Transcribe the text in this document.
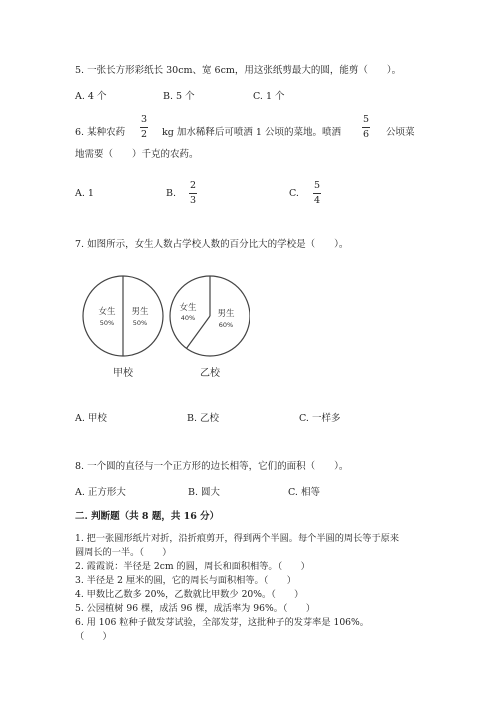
5. 一张长方形彩纸长 30cm、宽 6cm，用这张纸剪最大的圆，能剪（　　）。
A. 4 个	B. 5 个	C. 1 个
6. 某种农药
3
2 kg 加水稀释后可喷洒 1 公顷的菜地。喷洒
5
6 公顷菜
地需要（　　）千克的农药。
A. 1	B.
2
3
C.
5
4
7. 如图所示，女生人数占学校人数的百分比大的学校是（　　）。
女生
50%
男生
50%
甲校
女生
40%	男生
60%
乙校
A. 甲校	B. 乙校	C. 一样多
8. 一个圆的直径与一个正方形的边长相等，它们的面积（　　）。
A. 正方形大	B. 圆大	C. 相等
二. 判断题（共 8 题，共 16 分）
1. 把一张圆形纸片对折，沿折痕剪开，得到两个半圆。每个半圆的周长等于原来
圆周长的一半。（　　）
2. 霞霞说：半径是 2cm 的圆，周长和面积相等。（　　）
3. 半径是 2 厘米的圆，它的周长与面积相等。（　　）
4. 甲数比乙数多 20%，乙数就比甲数少 20%。（　　）
5. 公园植树 96 棵，成活 96 棵，成活率为 96%。（　　）
6. 用 106 粒种子做发芽试验，全部发芽，这批种子的发芽率是 106%。
（　　）
